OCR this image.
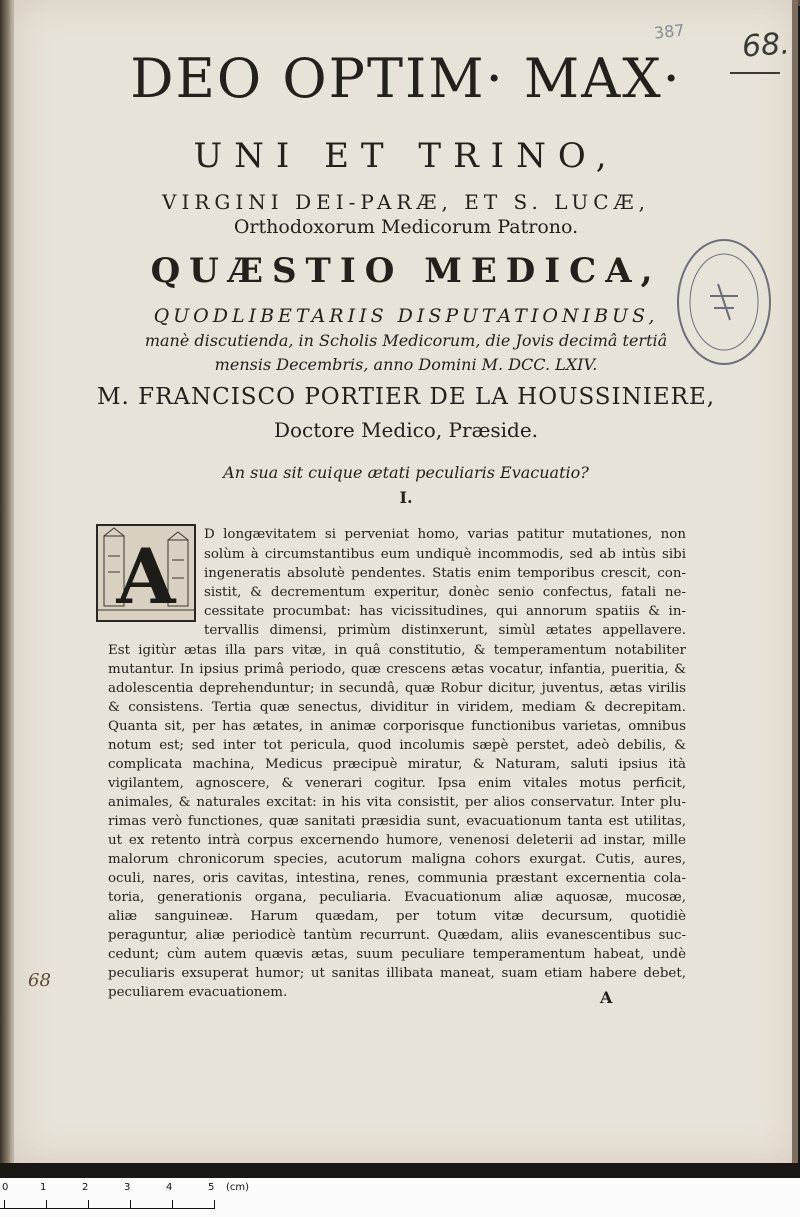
387 68.
DEO OPTIM· MAX·
UNI ET TRINO,
VIRGINI DEI-PARÆ, ET S. LUCÆ,
Orthodoxorum Medicorum Patrono.
QUÆSTIO MEDICA,
QUODLIBETARIIS DISPUTATIONIBUS,
manè discutienda, in Scholis Medicorum, die Jovis decimâ tertiâ
mensis Decembris, anno Domini M. DCC. LXIV.
M. FRANCISCO PORTIER DE LA HOUSSINIERE,
Doctore Medico, Præside.
An sua sit cuique ætati peculiaris Evacuatio?
I.
A	D longævitatem si perveniat homo, varias patitur mutationes, non
solùm à circumstantibus eum undiquè incommodis, sed ab intùs sibi
ingeneratis absolutè pendentes. Statis enim temporibus crescit, con-
sistit, & decrementum experitur, donèc senio confectus, fatali ne-
cessitate procumbat: has vicissitudines, qui annorum spatiis & in-
tervallis dimensi, primùm distinxerunt, simùl ætates appellavere.
Est igitùr ætas illa pars vitæ, in quâ constitutio, & temperamentum notabiliter
mutantur. In ipsius primâ periodo, quæ crescens ætas vocatur, infantia, pueritia, &
adolescentia deprehenduntur; in secundâ, quæ Robur dicitur, juventus, ætas virilis
& consistens. Tertia quæ senectus, dividitur in viridem, mediam & decrepitam.
Quanta sit, per has ætates, in animæ corporisque functionibus varietas, omnibus
notum est; sed inter tot pericula, quod incolumis sæpè perstet, adeò debilis, &
complicata machina, Medicus præcipuè miratur, & Naturam, saluti ipsius ità
vigilantem, agnoscere, & venerari cogitur. Ipsa enim vitales motus perficit,
animales, & naturales excitat: in his vita consistit, per alios conservatur. Inter plu-
rimas verò functiones, quæ sanitati præsidia sunt, evacuationum tanta est utilitas,
ut ex retento intrà corpus excernendo humore, venenosi deleterii ad instar, mille
malorum chronicorum species, acutorum maligna cohors exurgat. Cutis, aures,
oculi, nares, oris cavitas, intestina, renes, communia præstant excernentia cola-
toria, generationis organa, peculiaria. Evacuationum aliæ aquosæ, mucosæ,
aliæ sanguineæ. Harum quædam, per totum vitæ decursum, quotidiè
peraguntur, aliæ periodicè tantùm recurrunt. Quædam, aliis evanescentibus suc-
cedunt; cùm autem quævis ætas, suum peculiare temperamentum habeat, undè
peculiaris exsuperat humor; ut sanitas illibata maneat, suam etiam habere debet,
peculiarem evacuationem.	A
68
0	1	2	3	4	5 (cm)
